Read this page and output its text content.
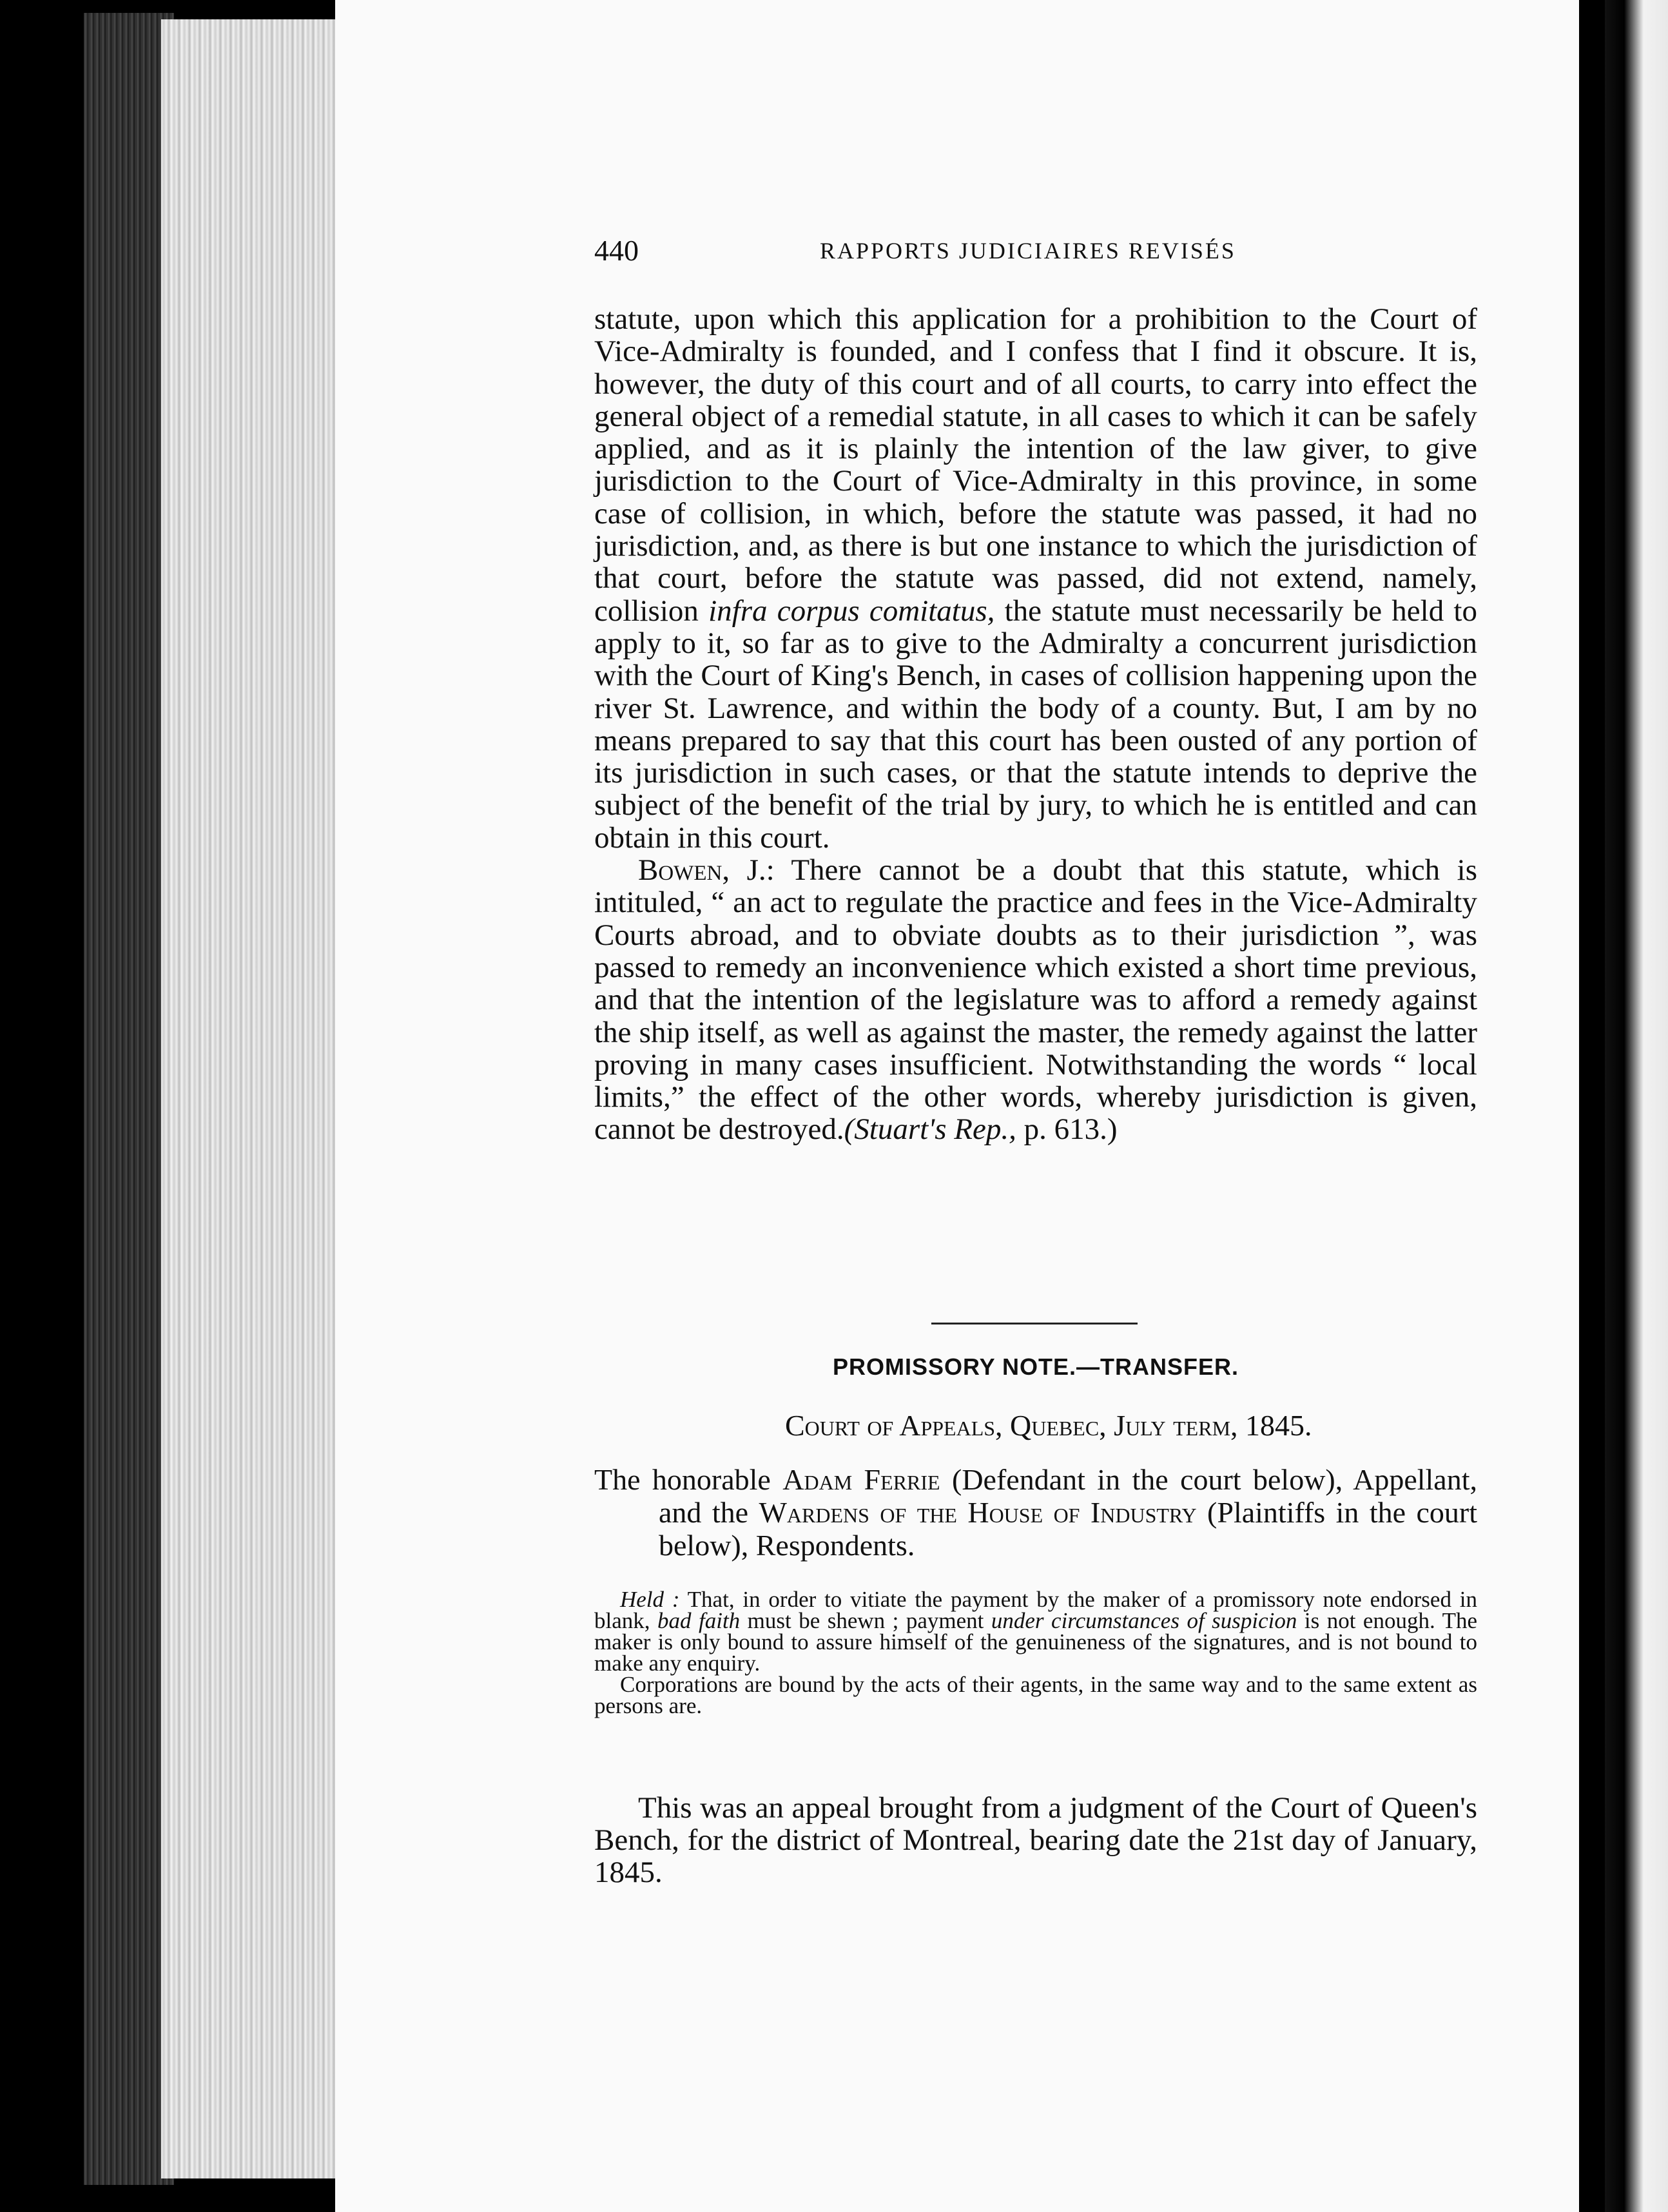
440	RAPPORTS JUDICIAIRES REVISÉS

statute, upon which this application for a prohibition to the Court of Vice-Admiralty is founded, and I confess that I find it obscure. It is, however, the duty of this court and of all courts, to carry into effect the general object of a remedial statute, in all cases to which it can be safely applied, and as it is plainly the intention of the law giver, to give jurisdiction to the Court of Vice-Admiralty in this province, in some case of collision, in which, before the statute was passed, it had no jurisdiction, and, as there is but one instance to which the jurisdiction of that court, before the statute was passed, did not extend, namely, collision infra corpus comitatus, the statute must necessarily be held to apply to it, so far as to give to the Admiralty a concurrent jurisdiction with the Court of King's Bench, in cases of collision happening upon the river St. Lawrence, and within the body of a county. But, I am by no means prepared to say that this court has been ousted of any portion of its jurisdiction in such cases, or that the statute intends to deprive the subject of the benefit of the trial by jury, to which he is entitled and can obtain in this court.

Bowen, J.: There cannot be a doubt that this statute, which is intituled, “ an act to regulate the practice and fees in the Vice-Admiralty Courts abroad, and to obviate doubts as to their jurisdiction ”, was passed to remedy an inconvenience which existed a short time previous, and that the intention of the legislature was to afford a remedy against the ship itself, as well as against the master, the remedy against the latter proving in many cases insufficient. Notwithstanding the words “ local limits,” the effect of the other words, whereby jurisdiction is given, cannot be destroyed.(Stuart's Rep., p. 613.)

PROMISSORY NOTE.—TRANSFER.
Court of Appeals, Quebec, July term, 1845.
The honorable Adam Ferrie (Defendant in the court below), Appellant, and the Wardens of the House of Industry (Plaintiffs in the court below), Respondents.

Held : That, in order to vitiate the payment by the maker of a promissory note endorsed in blank, bad faith must be shewn ; payment under circumstances of suspicion is not enough. The maker is only bound to assure himself of the genuineness of the signatures, and is not bound to make any enquiry.

Corporations are bound by the acts of their agents, in the same way and to the same extent as persons are.

This was an appeal brought from a judgment of the Court of Queen's Bench, for the district of Montreal, bearing date the 21st day of January, 1845.
